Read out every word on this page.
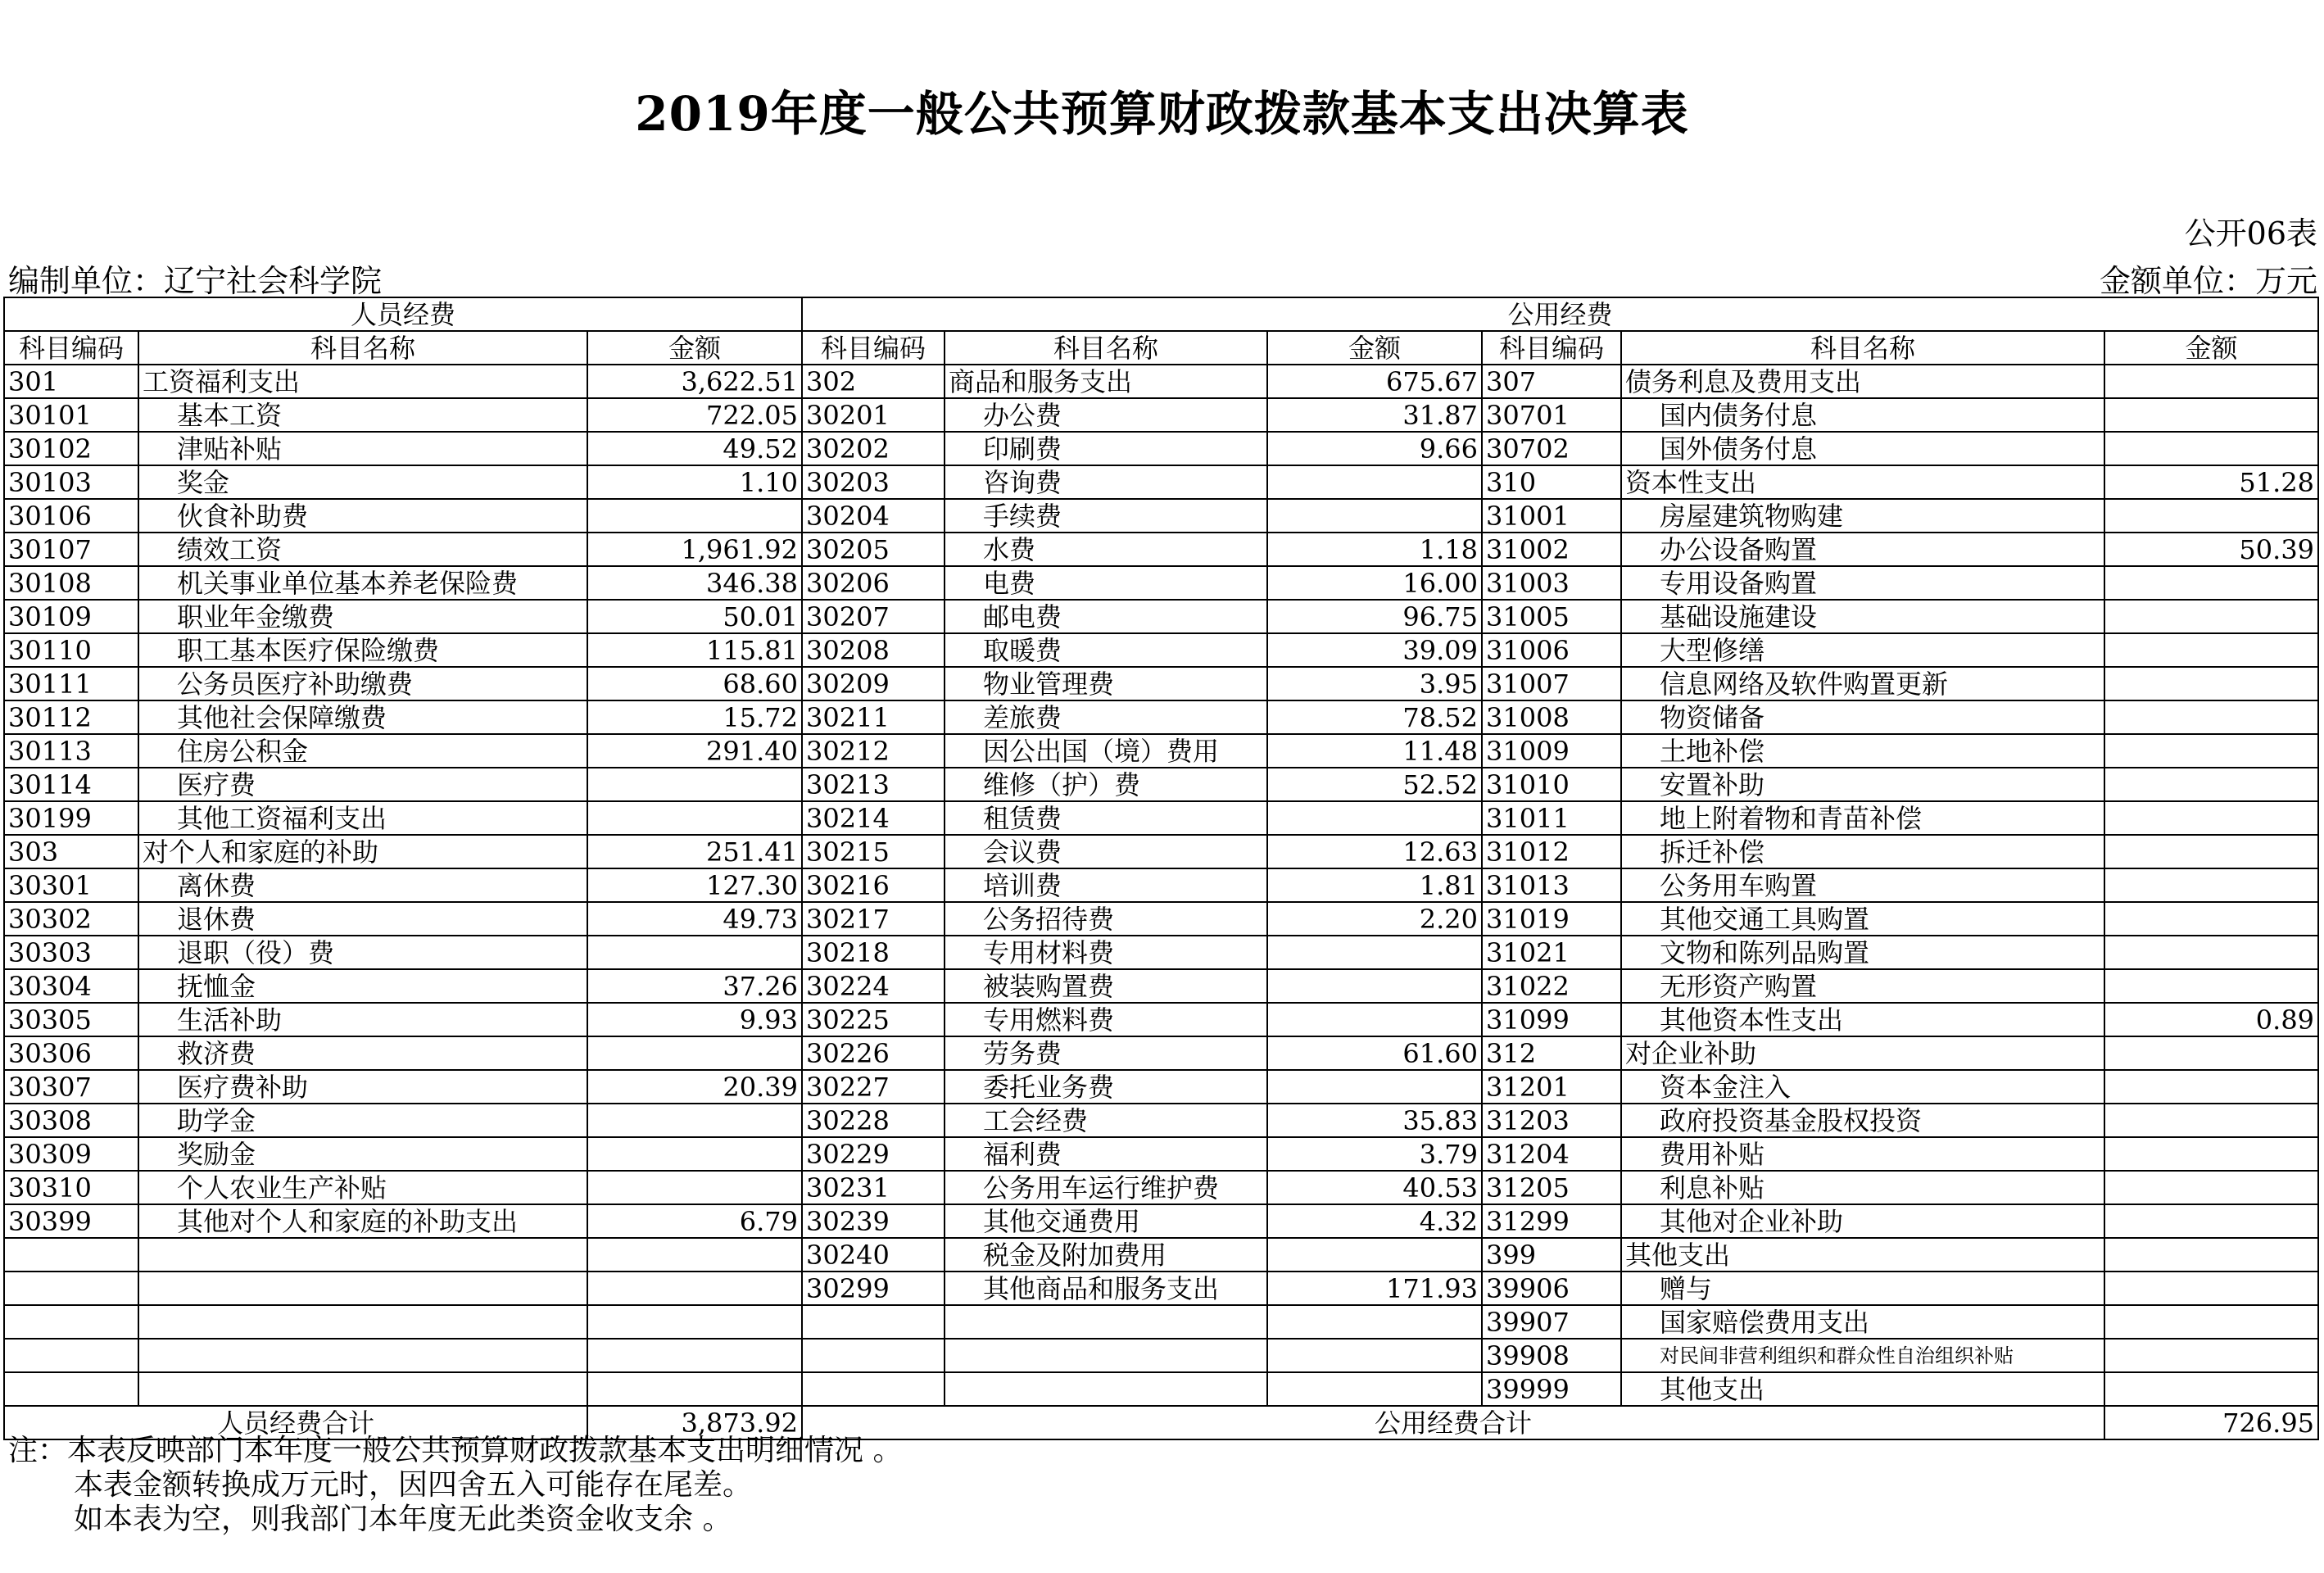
2019年度一般公共预算财政拨款基本支出决算表
公开06表
编制单位：辽宁社会科学院	金额单位：万元
人员经费			公用经费					
科目编码	科目名称	金额	科目编码	科目名称	金额	科目编码	科目名称	金额
301	工资福利支出	3,622.51	302	商品和服务支出	675.67	307	债务利息及费用支出	
30101	基本工资	722.05	30201	办公费	31.87	30701	国内债务付息	
30102	津贴补贴	49.52	30202	印刷费	9.66	30702	国外债务付息	
30103	奖金	1.10	30203	咨询费		310	资本性支出	51.28
30106	伙食补助费		30204	手续费		31001	房屋建筑物购建	
30107	绩效工资	1,961.92	30205	水费	1.18	31002	办公设备购置	50.39
30108	机关事业单位基本养老保险费	346.38	30206	电费	16.00	31003	专用设备购置	
30109	职业年金缴费	50.01	30207	邮电费	96.75	31005	基础设施建设	
30110	职工基本医疗保险缴费	115.81	30208	取暖费	39.09	31006	大型修缮	
30111	公务员医疗补助缴费	68.60	30209	物业管理费	3.95	31007	信息网络及软件购置更新	
30112	其他社会保障缴费	15.72	30211	差旅费	78.52	31008	物资储备	
30113	住房公积金	291.40	30212	因公出国（境）费用	11.48	31009	土地补偿	
30114	医疗费		30213	维修（护）费	52.52	31010	安置补助	
30199	其他工资福利支出		30214	租赁费		31011	地上附着物和青苗补偿	
303	对个人和家庭的补助	251.41	30215	会议费	12.63	31012	拆迁补偿	
30301	离休费	127.30	30216	培训费	1.81	31013	公务用车购置	
30302	退休费	49.73	30217	公务招待费	2.20	31019	其他交通工具购置	
30303	退职（役）费		30218	专用材料费		31021	文物和陈列品购置	
30304	抚恤金	37.26	30224	被装购置费		31022	无形资产购置	
30305	生活补助	9.93	30225	专用燃料费		31099	其他资本性支出	0.89
30306	救济费		30226	劳务费	61.60	312	对企业补助	
30307	医疗费补助	20.39	30227	委托业务费		31201	资本金注入	
30308	助学金		30228	工会经费	35.83	31203	政府投资基金股权投资	
30309	奖励金		30229	福利费	3.79	31204	费用补贴	
30310	个人农业生产补贴		30231	公务用车运行维护费	40.53	31205	利息补贴	
30399	其他对个人和家庭的补助支出	6.79	30239	其他交通费用	4.32	31299	其他对企业补助	
			30240	税金及附加费用		399	其他支出	
			30299	其他商品和服务支出	171.93	39906	赠与	
						39907	国家赔偿费用支出	
						39908	对民间非营利组织和群众性自治组织补贴	
						39999	其他支出	
人员经费合计		3,873.92	公用经费合计					726.95
注：本表反映部门本年度一般公共预算财政拨款基本支出明细情况 。
本表金额转换成万元时，因四舍五入可能存在尾差。
如本表为空，则我部门本年度无此类资金收支余 。
